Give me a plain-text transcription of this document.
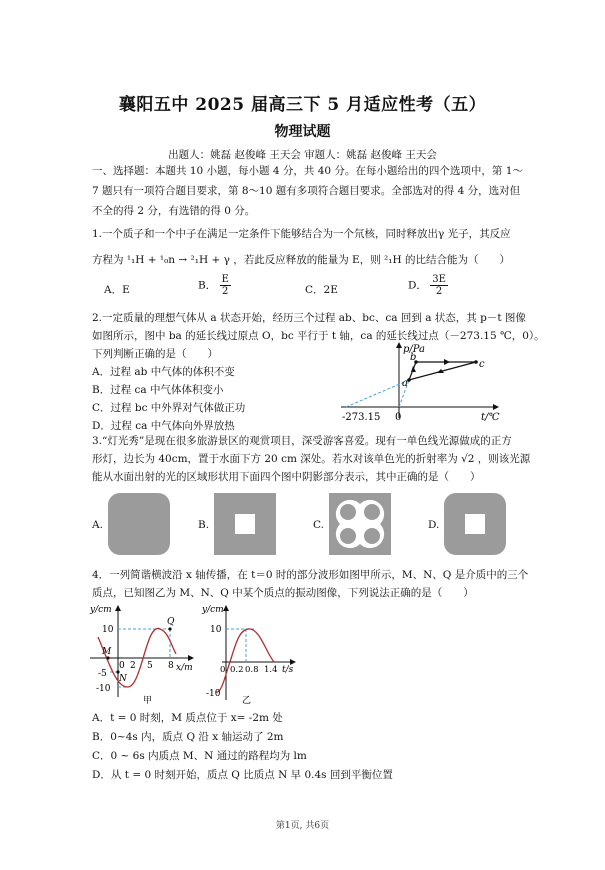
襄阳五中 2025 届高三下 5 月适应性考（五）
物理试题
出题人：姚磊 赵俊峰 王天会 审题人：姚磊 赵俊峰 王天会
一、选择题：本题共 10 小题，每小题 4 分，共 40 分。在每小题给出的四个选项中，第 1～
7 题只有一项符合题目要求，第 8～10 题有多项符合题目要求。全部选对的得 4 分，选对但
不全的得 2 分，有选错的得 0 分。
1.一个质子和一个中子在满足一定条件下能够结合为一个氘核，同时释放出γ 光子，其反应
方程为 ¹₁H + ¹₀n → ²₁H + γ ，若此反应释放的能量为 E，则 ²₁H 的比结合能为（　　）
A．E	B． $\frac{E}{2}$	C．2E	D． $\frac{3E}{2}$
2.一定质量的理想气体从 a 状态开始，经历三个过程 ab、bc、ca 回到 a 状态，其 p－t 图像
如图所示，图中 ba 的延长线过原点 O，bc 平行于 t 轴，ca 的延长线过点（－273.15 ℃，0）。
下列判断正确的是（　　）
A．过程 ab 中气体的体积不变
B．过程 ca 中气体体积变小
C．过程 bc 中外界对气体做正功
D．过程 ca 中气体向外界放热
p/Pa
t/℃
-273.15 0
a
b
c
3.“灯光秀”是现在很多旅游景区的观赏项目，深受游客喜爱。现有一单色线光源做成的正方
形灯，边长为 40cm，置于水面下方 20 cm 深处。若水对该单色光的折射率为 √2 ，则该光源
能从水面出射的光的区域形状用下面四个图中阴影部分表示，其中正确的是（　　）
A.	B.	C.	D.
4．一列简谐横波沿 x 轴传播，在 t＝0 时的部分波形如图甲所示，M、N、Q 是介质中的三个
质点，已知图乙为 M、N、Q 中某个质点的振动图像，下列说法正确的是（　　）
y/cm
x/m
10
-5
-10
0 2 5 8
M
N
Q
甲
y/cm
t/s
10
-10
0 0.2 0.8 1.4
乙
A．t = 0 时刻，M 质点位于 x= -2m 处
B．0~4s 内，质点 Q 沿 x 轴运动了 2m
C．0 ~ 6s 内质点 M、N 通过的路程均为 lm
D．从 t = 0 时刻开始，质点 Q 比质点 N 早 0.4s 回到平衡位置
第1页, 共6页
